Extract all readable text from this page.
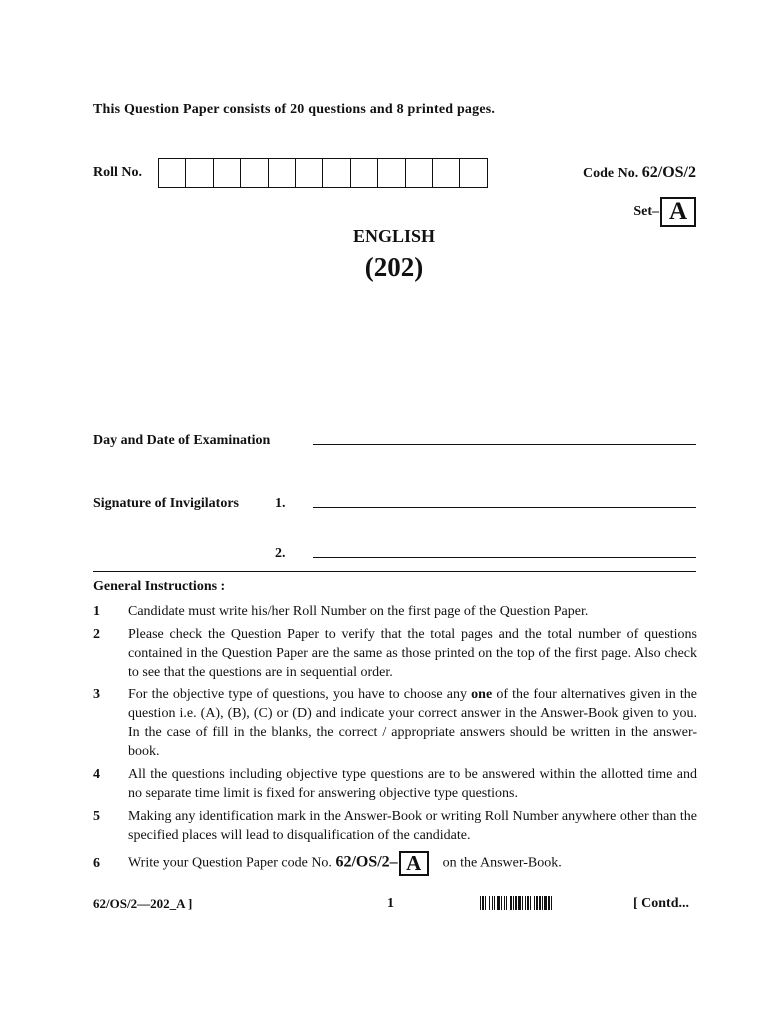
This Question Paper consists of 20 questions and 8 printed pages.
Roll No.	Code No. 62/OS/2
Set– A
ENGLISH
(202)
Day and Date of Examination
Signature of Invigilators	1.
2.
General Instructions :
1	Candidate must write his/her Roll Number on the first page of the Question Paper.
2	Please check the Question Paper to verify that the total pages and the total number of questions contained in the Question Paper are the same as those printed on the top of the first page. Also check to see that the questions are in sequential order.
3	For the objective type of questions, you have to choose any one of the four alternatives given in the question i.e. (A), (B), (C) or (D) and indicate your correct answer in the Answer-Book given to you. In the case of fill in the blanks, the correct / appropriate answers should be written in the answer-book.
4	All the questions including objective type questions are to be answered within the allotted time and no separate time limit is fixed for answering objective type questions.
5	Making any identification mark in the Answer-Book or writing Roll Number anywhere other than the specified places will lead to disqualification of the candidate.
6	Write your Question Paper code No. 62/OS/2– A on the Answer-Book.
62/OS/2—202_A ]	1	[ Contd...
